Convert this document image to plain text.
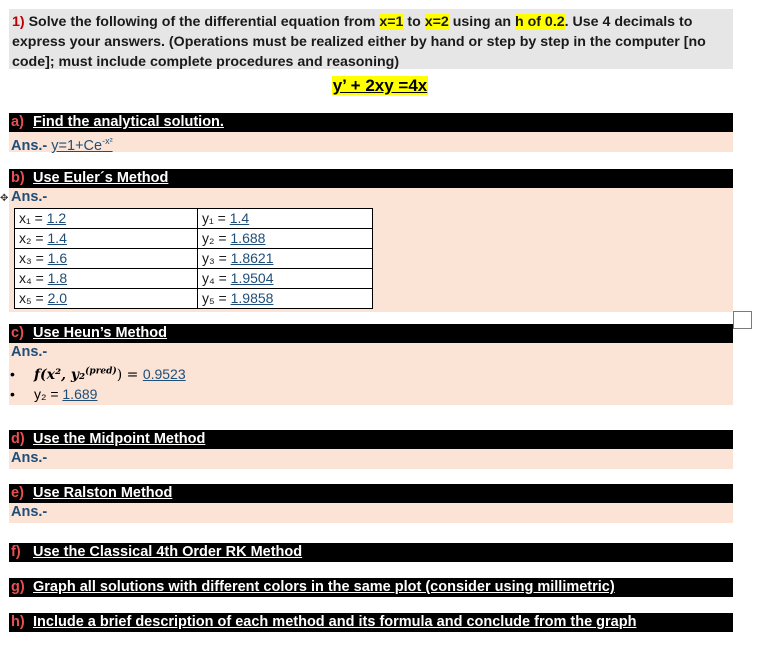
1) Solve the following of the differential equation from x=1 to x=2 using an h of 0.2. Use 4 decimals to express your answers. (Operations must be realized either by hand or step by step in the computer [no code]; must include complete procedures and reasoning)

y’ + 2xy =4x
a) Find the analytical solution.
Ans.- $y=1+Ce^{-x^2}$
b) Use Euler´s Method
Ans.-
✥
x₁ = 1.2	y₁ = 1.4
x₂ = 1.4	y₂ = 1.688
x₃ = 1.6	y₃ = 1.8621
x₄ = 1.8	y₄ = 1.9504
x₅ = 2.0	y₅ = 1.9858
c) Use Heun’s Method
Ans.-
• f(x², y₂$^{(pred)}$) = 0.9523
• y₂ = 1.689
d) Use the Midpoint Method
Ans.-
e) Use Ralston Method
Ans.-
f) Use the Classical 4th Order RK Method
g) Graph all solutions with different colors in the same plot (consider using millimetric)
h) Include a brief description of each method and its formula and conclude from the graph
